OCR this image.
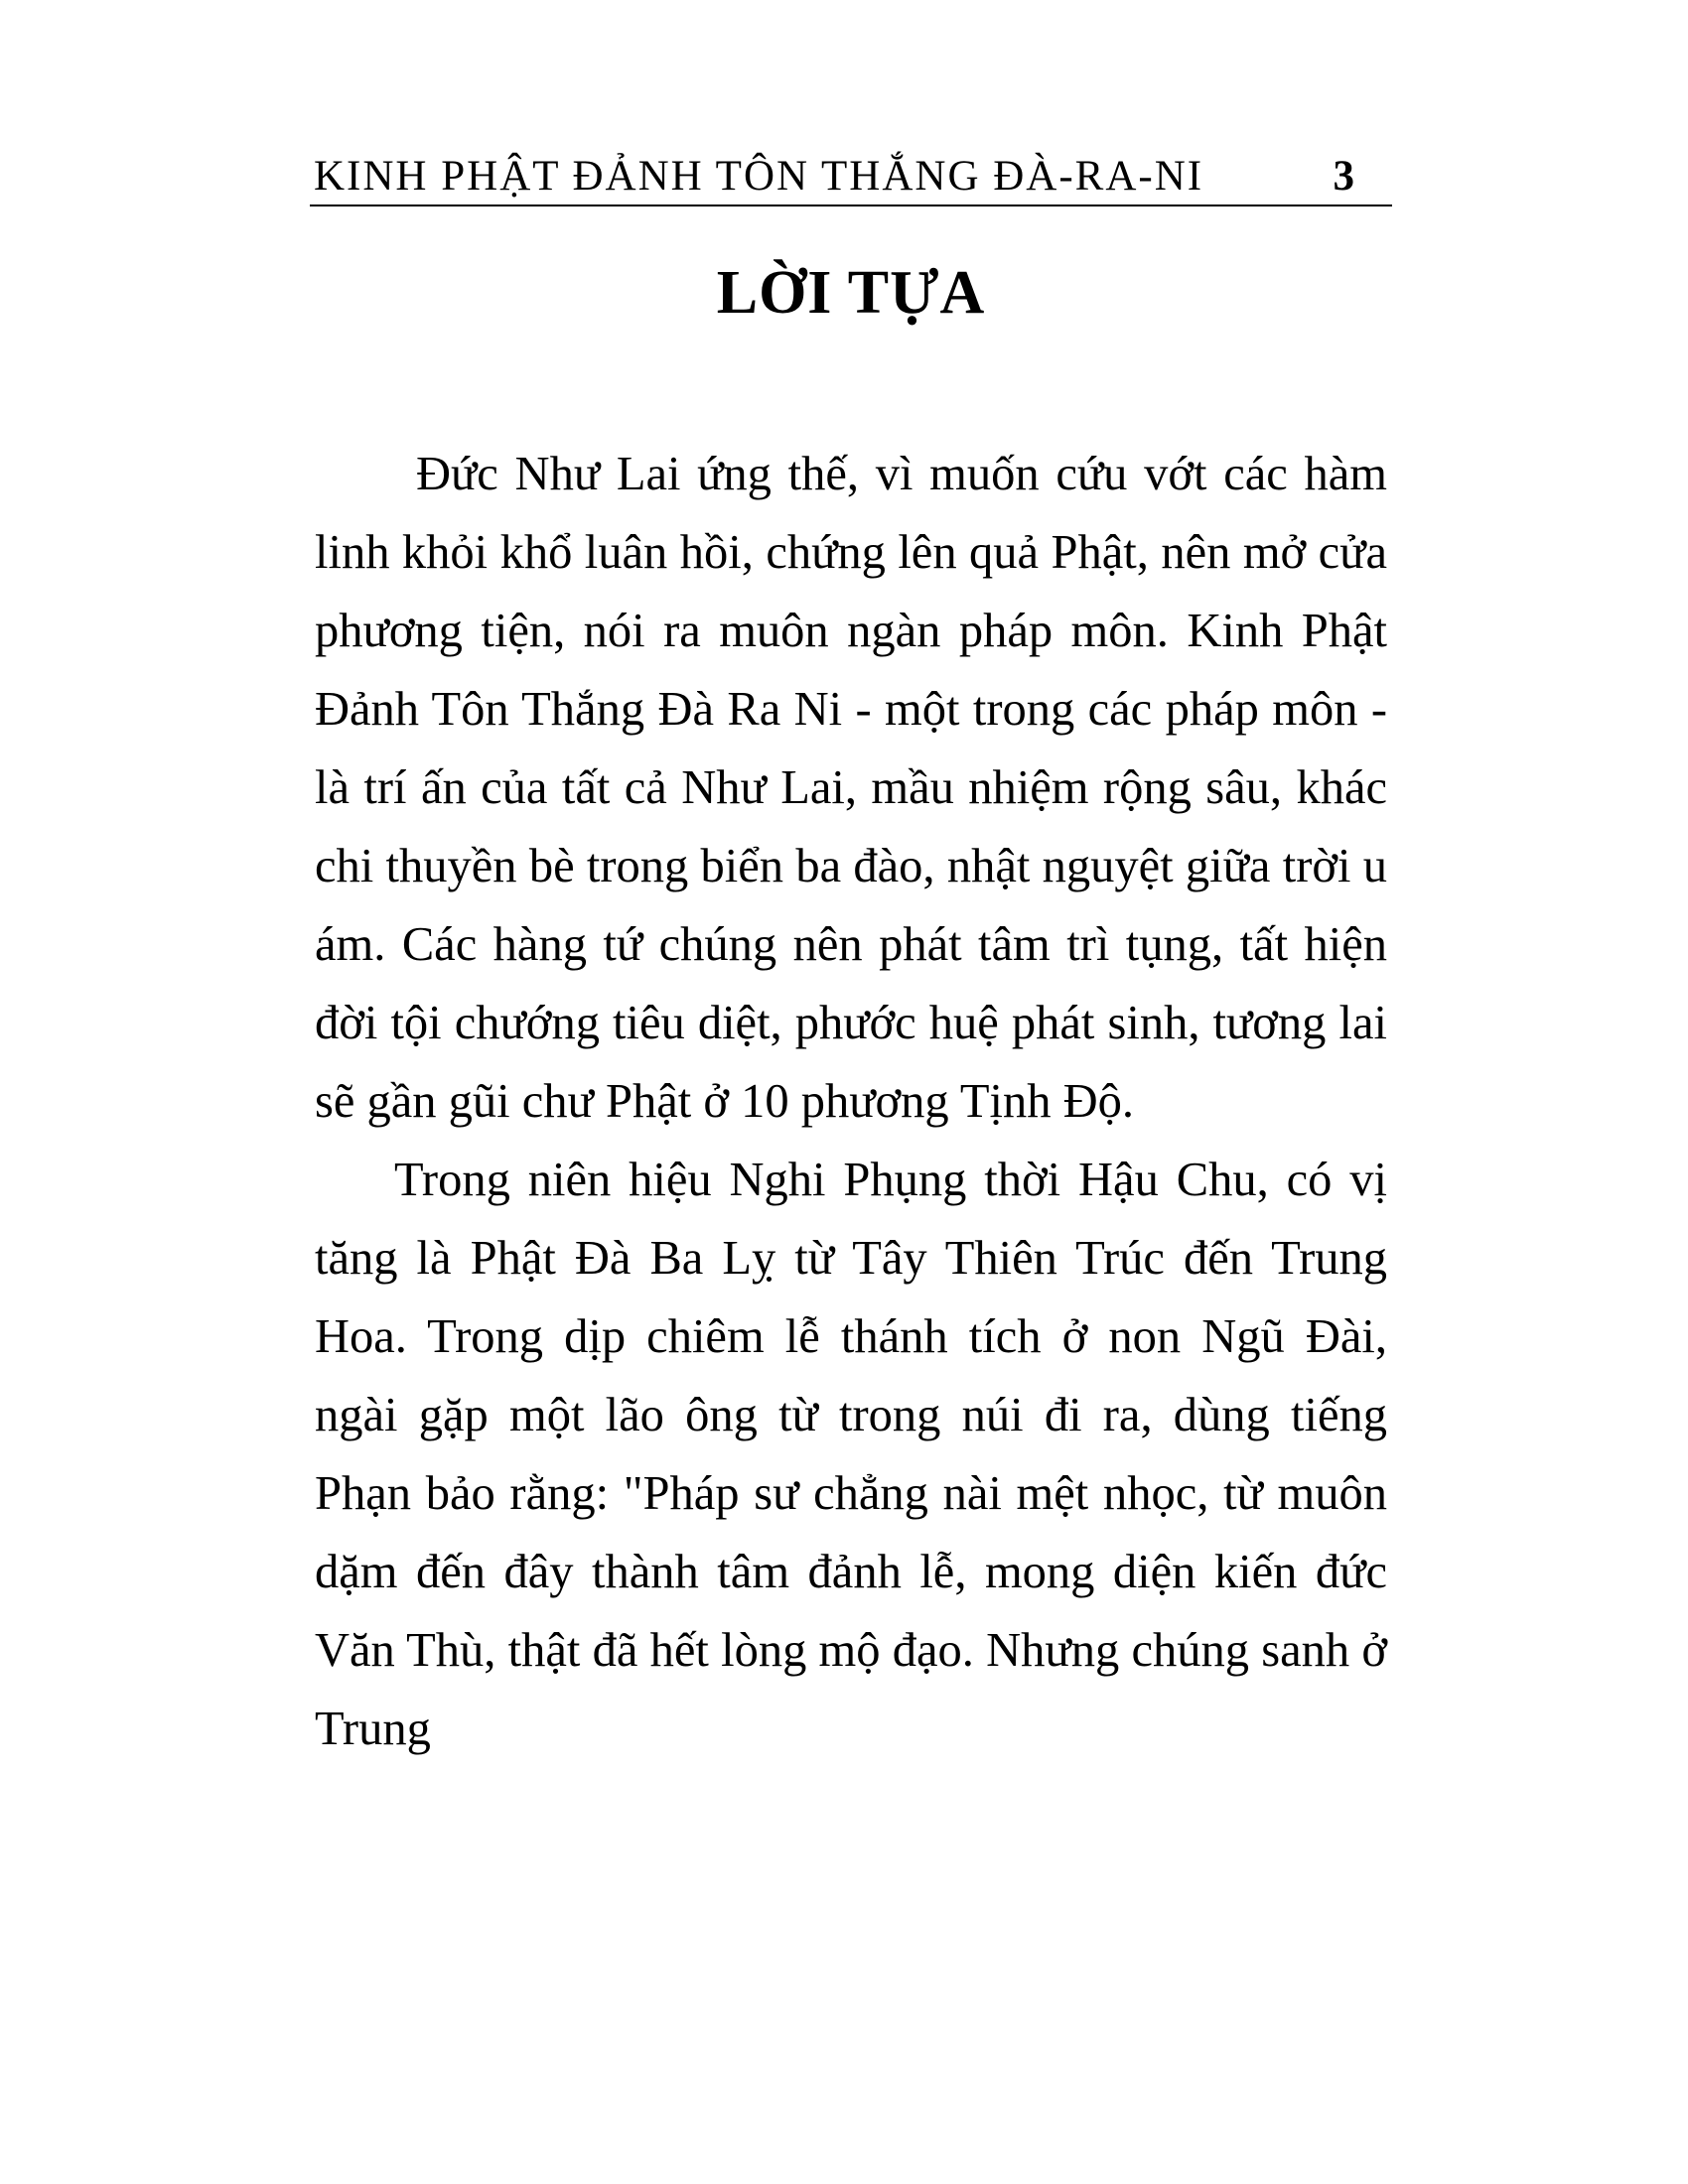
KINH PHẬT ĐẢNH TÔN THẮNG ĐÀ-RA-NI	3
LỜI TỰA

Đức Như Lai ứng thế, vì muốn cứu vớt các hàm linh khỏi khổ luân hồi, chứng lên quả Phật, nên mở cửa phương tiện, nói ra muôn ngàn pháp môn. Kinh Phật Đảnh Tôn Thắng Đà Ra Ni - một trong các pháp môn - là trí ấn của tất cả Như Lai, mầu nhiệm rộng sâu, khác chi thuyền bè trong biển ba đào, nhật nguyệt giữa trời u ám. Các hàng tứ chúng nên phát tâm trì tụng, tất hiện đời tội chướng tiêu diệt, phước huệ phát sinh, tương lai sẽ gần gũi chư Phật ở 10 phương Tịnh Độ.

Trong niên hiệu Nghi Phụng thời Hậu Chu, có vị tăng là Phật Đà Ba Lỵ từ Tây Thiên Trúc đến Trung Hoa. Trong dịp chiêm lễ thánh tích ở non Ngũ Đài, ngài gặp một lão ông từ trong núi đi ra, dùng tiếng Phạn bảo rằng: "Pháp sư chẳng nài mệt nhọc, từ muôn dặm đến đây thành tâm đảnh lễ, mong diện kiến đức Văn Thù, thật đã hết lòng mộ đạo. Nhưng chúng sanh ở Trung
